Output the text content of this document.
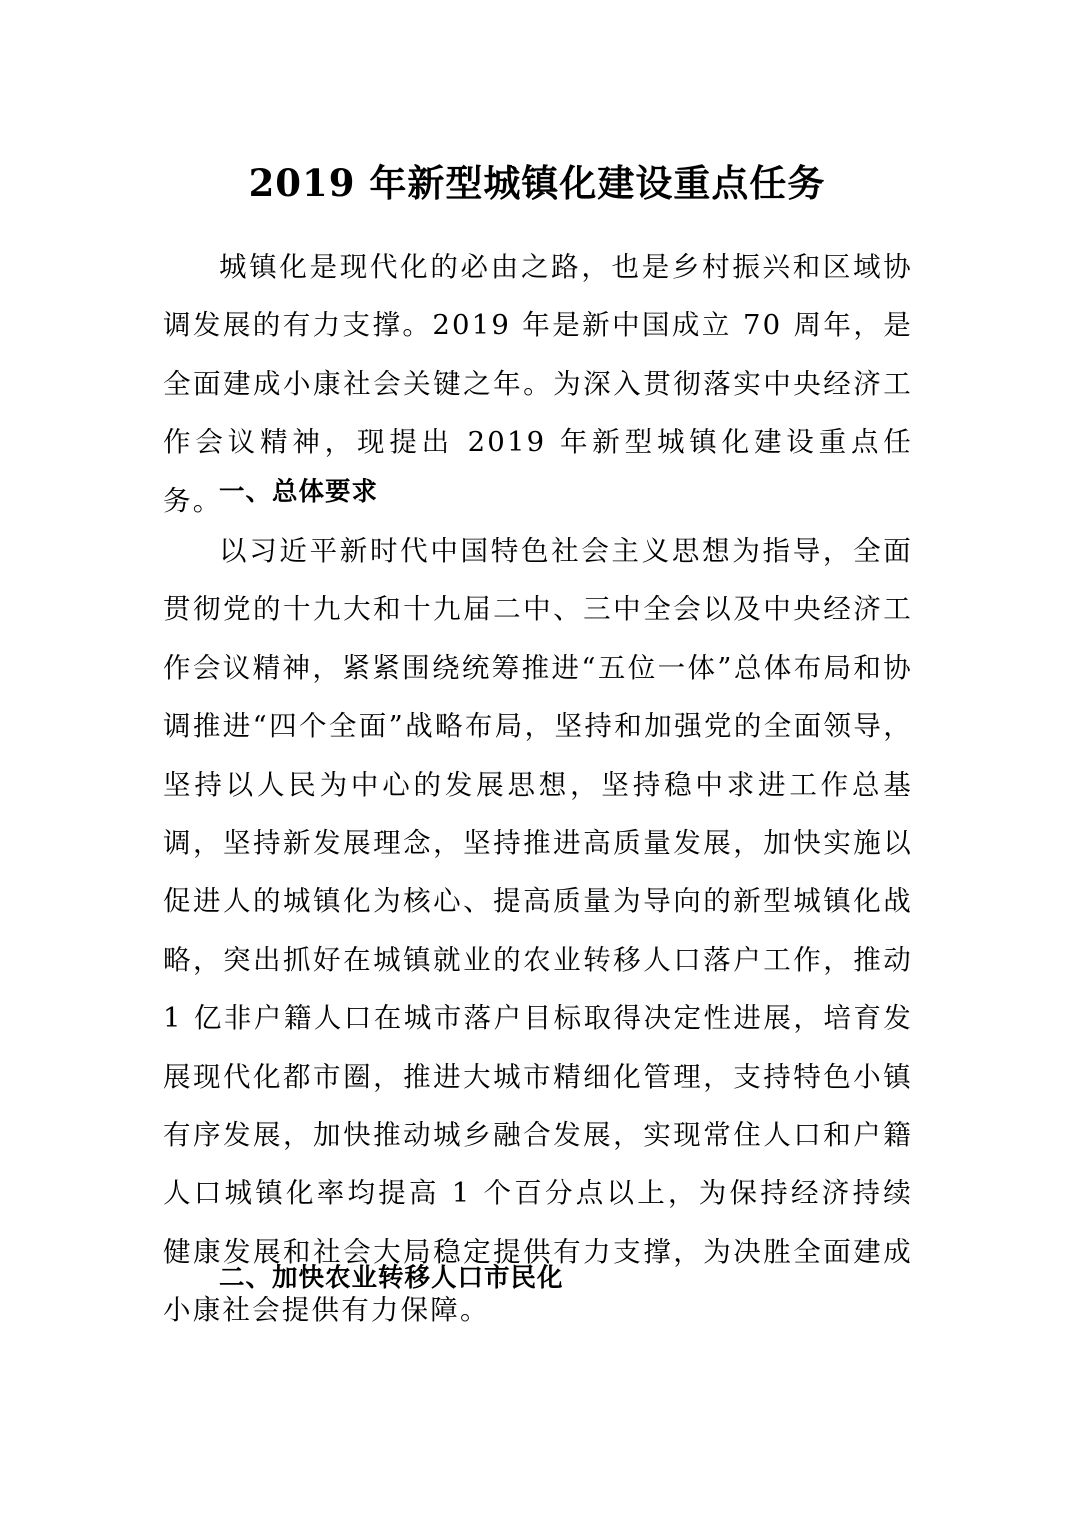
2019 年新型城镇化建设重点任务

城镇化是现代化的必由之路，也是乡村振兴和区域协调发展的有力支撑。2019 年是新中国成立 70 周年，是全面建成小康社会关键之年。为深入贯彻落实中央经济工作会议精神，现提出 2019 年新型城镇化建设重点任务。

一、总体要求

以习近平新时代中国特色社会主义思想为指导，全面贯彻党的十九大和十九届二中、三中全会以及中央经济工作会议精神，紧紧围绕统筹推进“五位一体”总体布局和协调推进“四个全面”战略布局，坚持和加强党的全面领导，坚持以人民为中心的发展思想，坚持稳中求进工作总基调，坚持新发展理念，坚持推进高质量发展，加快实施以促进人的城镇化为核心、提高质量为导向的新型城镇化战略，突出抓好在城镇就业的农业转移人口落户工作，推动 1 亿非户籍人口在城市落户目标取得决定性进展，培育发展现代化都市圈，推进大城市精细化管理，支持特色小镇有序发展，加快推动城乡融合发展，实现常住人口和户籍人口城镇化率均提高 1 个百分点以上，为保持经济持续健康发展和社会大局稳定提供有力支撑，为决胜全面建成小康社会提供有力保障。

二、加快农业转移人口市民化
